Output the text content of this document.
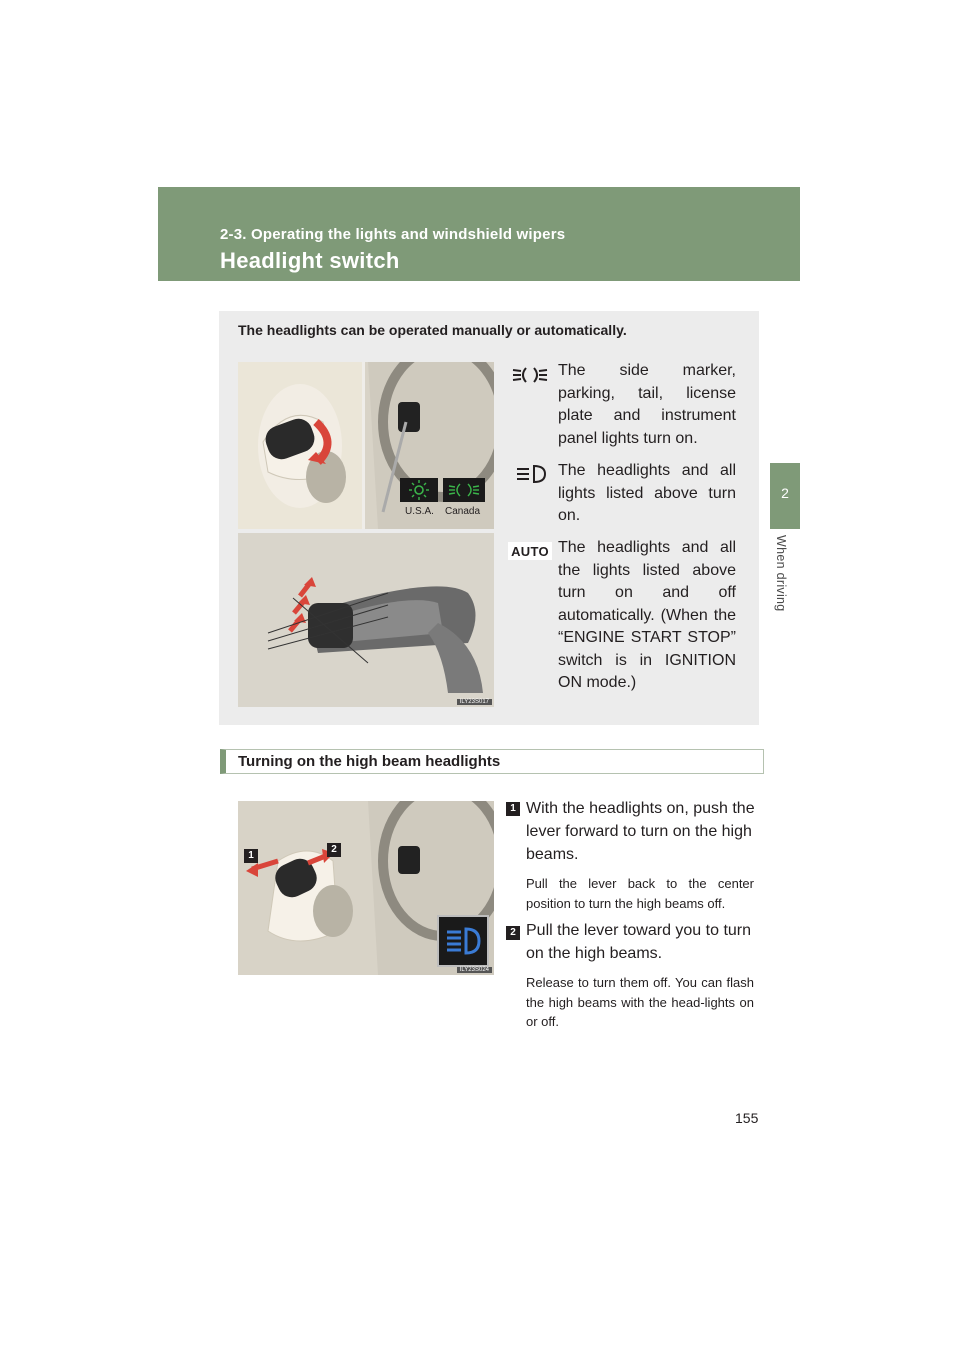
2-3. Operating the lights and windshield wipers
Headlight switch
2
When driving
The headlights can be operated manually or automatically.
U.S.A. Canada
ILY23S017
AUTO
The side marker, parking, tail, license plate and instrument panel lights turn on.
The headlights and all lights listed above turn on.
The headlights and all the lights listed above turn on and off automatically. (When the “ENGINE START STOP” switch is in IGNITION ON mode.)
Turning on the high beam headlights
1
2
ILY23S024
1 With the headlights on, push the lever forward to turn on the high beams.
Pull the lever back to the center position to turn the high beams off.
2 Pull the lever toward you to turn on the high beams.
Release to turn them off. You can flash the high beams with the head-lights on or off.
155
